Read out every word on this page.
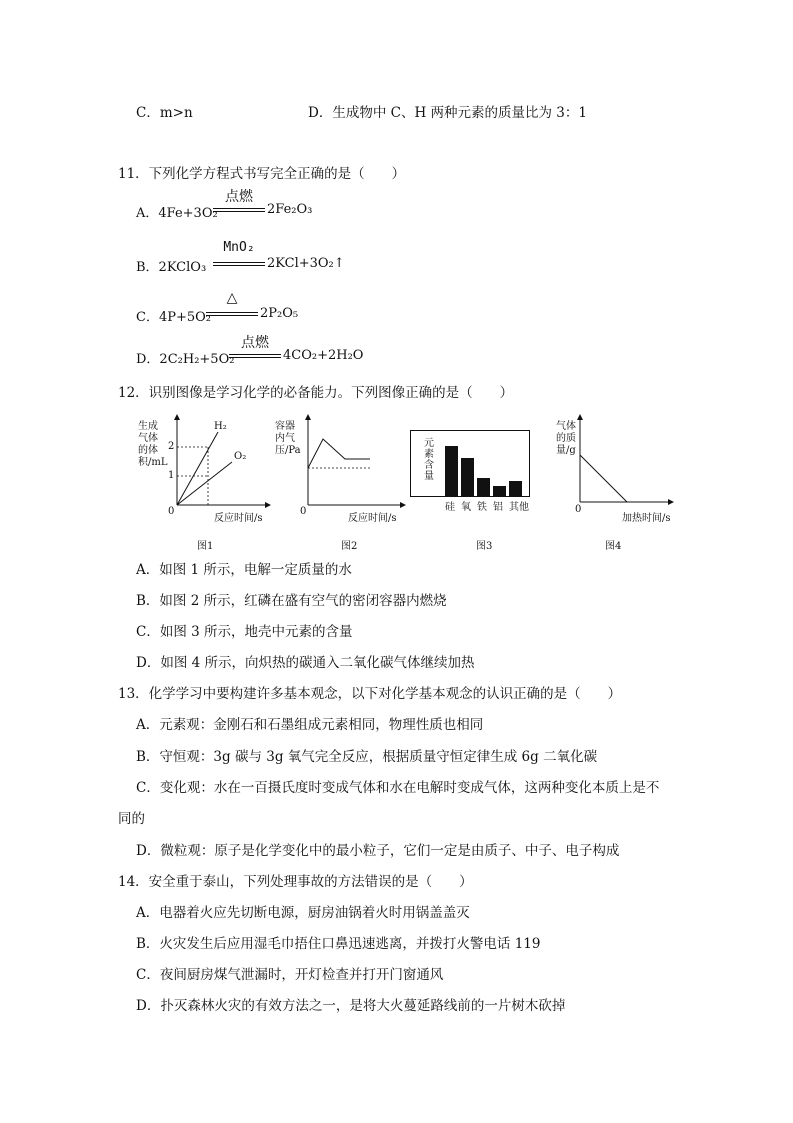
C．m>n	D．生成物中 C、H 两种元素的质量比为 3：1
11．下列化学方程式书写完全正确的是（　　）
A．4Fe+3O₂
点燃
2Fe₂O₃
B．2KClO₃
MnO₂
2KCl+3O₂↑
C．4P+5O₂
△
2P₂O₅
D．2C₂H₂+5O₂
点燃
4CO₂+2H₂O
12．识别图像是学习化学的必备能力。下列图像正确的是（　　）
生成
气体
的体
积/mL
2
1
0
H₂
O₂
反应时间/s
图1
容器
内气
压/Pa
0
反应时间/s
图2
元
素
含
量
硅 氧 铁 铝 其他
图3
气体
的质
量/g
0
加热时间/s
图4
A．如图 1 所示，电解一定质量的水
B．如图 2 所示，红磷在盛有空气的密闭容器内燃烧
C．如图 3 所示，地壳中元素的含量
D．如图 4 所示，向炽热的碳通入二氧化碳气体继续加热
13．化学学习中要构建许多基本观念，以下对化学基本观念的认识正确的是（　　）
A．元素观：金刚石和石墨组成元素相同，物理性质也相同
B．守恒观：3g 碳与 3g 氧气完全反应，根据质量守恒定律生成 6g 二氧化碳
C．变化观：水在一百摄氏度时变成气体和水在电解时变成气体，这两种变化本质上是不
同的
D．微粒观：原子是化学变化中的最小粒子，它们一定是由质子、中子、电子构成
14．安全重于泰山，下列处理事故的方法错误的是（　　）
A．电器着火应先切断电源，厨房油锅着火时用锅盖盖灭
B．火灾发生后应用湿毛巾捂住口鼻迅速逃离，并拨打火警电话 119
C．夜间厨房煤气泄漏时，开灯检查并打开门窗通风
D．扑灭森林火灾的有效方法之一，是将大火蔓延路线前的一片树木砍掉
